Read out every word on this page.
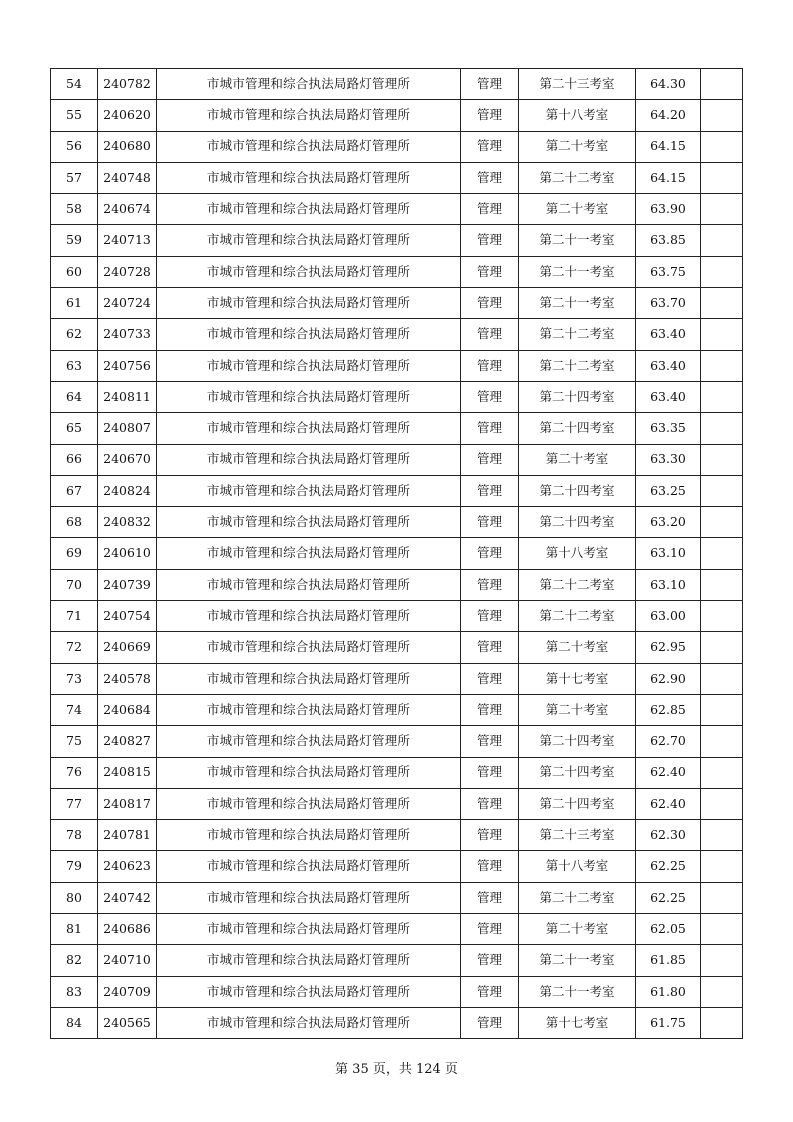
54	240782	市城市管理和综合执法局路灯管理所	管理	第二十三考室	64.30	
55	240620	市城市管理和综合执法局路灯管理所	管理	第十八考室	64.20	
56	240680	市城市管理和综合执法局路灯管理所	管理	第二十考室	64.15	
57	240748	市城市管理和综合执法局路灯管理所	管理	第二十二考室	64.15	
58	240674	市城市管理和综合执法局路灯管理所	管理	第二十考室	63.90	
59	240713	市城市管理和综合执法局路灯管理所	管理	第二十一考室	63.85	
60	240728	市城市管理和综合执法局路灯管理所	管理	第二十一考室	63.75	
61	240724	市城市管理和综合执法局路灯管理所	管理	第二十一考室	63.70	
62	240733	市城市管理和综合执法局路灯管理所	管理	第二十二考室	63.40	
63	240756	市城市管理和综合执法局路灯管理所	管理	第二十二考室	63.40	
64	240811	市城市管理和综合执法局路灯管理所	管理	第二十四考室	63.40	
65	240807	市城市管理和综合执法局路灯管理所	管理	第二十四考室	63.35	
66	240670	市城市管理和综合执法局路灯管理所	管理	第二十考室	63.30	
67	240824	市城市管理和综合执法局路灯管理所	管理	第二十四考室	63.25	
68	240832	市城市管理和综合执法局路灯管理所	管理	第二十四考室	63.20	
69	240610	市城市管理和综合执法局路灯管理所	管理	第十八考室	63.10	
70	240739	市城市管理和综合执法局路灯管理所	管理	第二十二考室	63.10	
71	240754	市城市管理和综合执法局路灯管理所	管理	第二十二考室	63.00	
72	240669	市城市管理和综合执法局路灯管理所	管理	第二十考室	62.95	
73	240578	市城市管理和综合执法局路灯管理所	管理	第十七考室	62.90	
74	240684	市城市管理和综合执法局路灯管理所	管理	第二十考室	62.85	
75	240827	市城市管理和综合执法局路灯管理所	管理	第二十四考室	62.70	
76	240815	市城市管理和综合执法局路灯管理所	管理	第二十四考室	62.40	
77	240817	市城市管理和综合执法局路灯管理所	管理	第二十四考室	62.40	
78	240781	市城市管理和综合执法局路灯管理所	管理	第二十三考室	62.30	
79	240623	市城市管理和综合执法局路灯管理所	管理	第十八考室	62.25	
80	240742	市城市管理和综合执法局路灯管理所	管理	第二十二考室	62.25	
81	240686	市城市管理和综合执法局路灯管理所	管理	第二十考室	62.05	
82	240710	市城市管理和综合执法局路灯管理所	管理	第二十一考室	61.85	
83	240709	市城市管理和综合执法局路灯管理所	管理	第二十一考室	61.80	
84	240565	市城市管理和综合执法局路灯管理所	管理	第十七考室	61.75	
第 35 页，共 124 页
